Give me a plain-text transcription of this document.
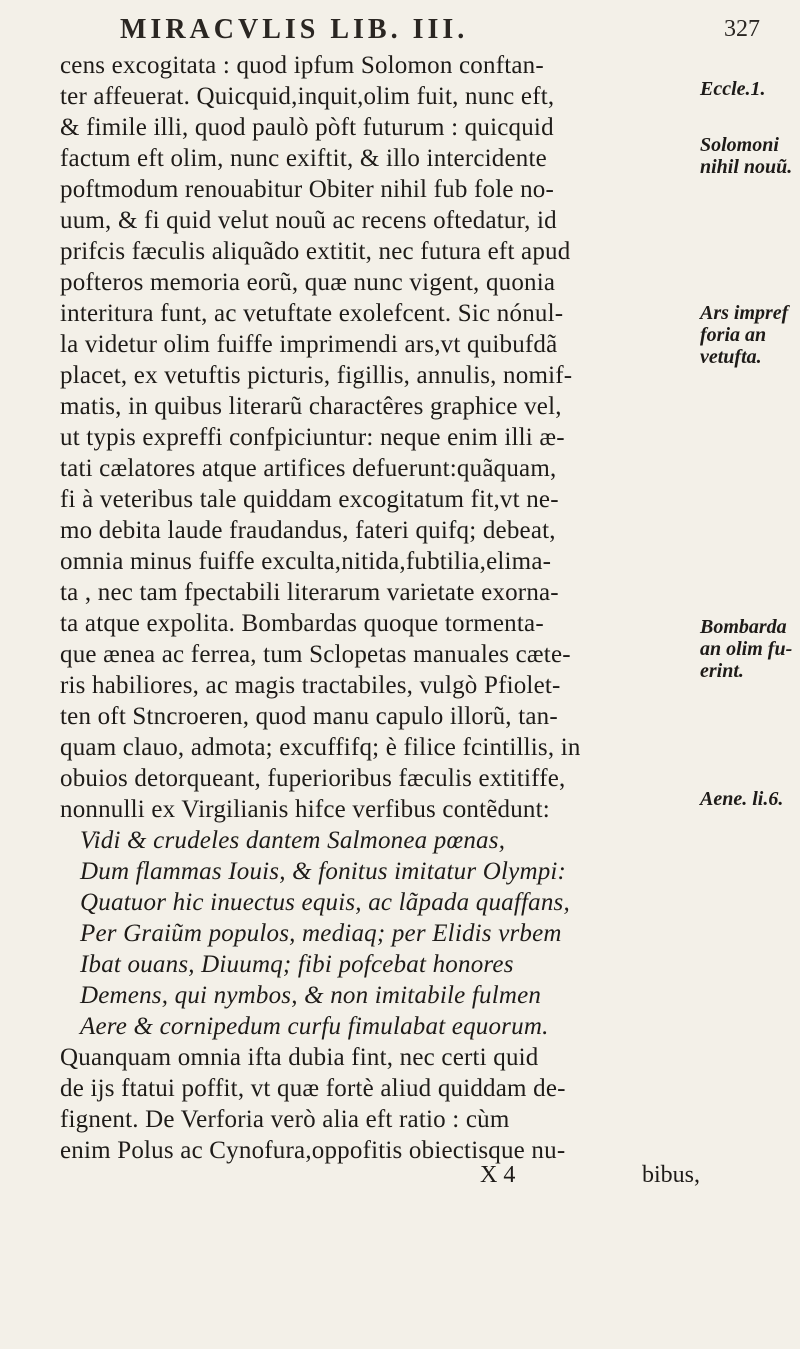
MIRACVLIS LIB. III.	327
cens excogitata : quod ipfum Solomon conftan-
ter affeuerat. Quicquid,inquit,olim fuit, nunc eft,
& fimile illi, quod paulò pòft futurum : quicquid
factum eft olim, nunc exiftit, & illo intercidente
poftmodum renouabitur Obiter nihil fub fole no-
uum, & fi quid velut nouũ ac recens oftedatur, id
prifcis fæculis aliquãdo extitit, nec futura eft apud
pofteros memoria eorũ, quæ nunc vigent, quonia
interitura funt, ac vetuftate exolefcent. Sic nónul-
la videtur olim fuiffe imprimendi ars,vt quibufdã
placet, ex vetuftis picturis, figillis, annulis, nomif-
matis, in quibus literarũ charactêres graphice vel,
ut typis expreffi confpiciuntur: neque enim illi æ-
tati cælatores atque artifices defuerunt:quãquam,
fi à veteribus tale quiddam excogitatum fit,vt ne-
mo debita laude fraudandus, fateri quifq; debeat,
omnia minus fuiffe exculta,nitida,fubtilia,elima-
ta , nec tam fpectabili literarum varietate exorna-
ta atque expolita. Bombardas quoque tormenta-
que ænea ac ferrea, tum Sclopetas manuales cæte-
ris habiliores, ac magis tractabiles, vulgò Pfiolet-
ten oft Stncroeren, quod manu capulo illorũ, tan-
quam clauo, admota; excuffifq; è filice fcintillis, in
obuios detorqueant, fuperioribus fæculis extitiffe,
nonnulli ex Virgilianis hifce verfibus contẽdunt:
Vidi & crudeles dantem Salmonea pœnas,
Dum flammas Iouis, & fonitus imitatur Olympi:
Quatuor hic inuectus equis, ac lãpada quaffans,
Per Graiũm populos, mediaq; per Elidis vrbem
Ibat ouans, Diuumq; fibi pofcebat honores
Demens, qui nymbos, & non imitabile fulmen
Aere & cornipedum curfu fimulabat equorum.
Quanquam omnia ifta dubia fint, nec certi quid
de ijs ftatui poffit, vt quæ fortè aliud quiddam de-
fignent. De Verforia verò alia eft ratio : cùm
enim Polus ac Cynofura,oppofitis obiectisque nu-
Eccle.1.
Solomoni
nihil nouũ.
Ars impref
foria an
vetufta.
Bombarda
an olim fu-
erint.
Aene. li.6.
X 4	bibus,
